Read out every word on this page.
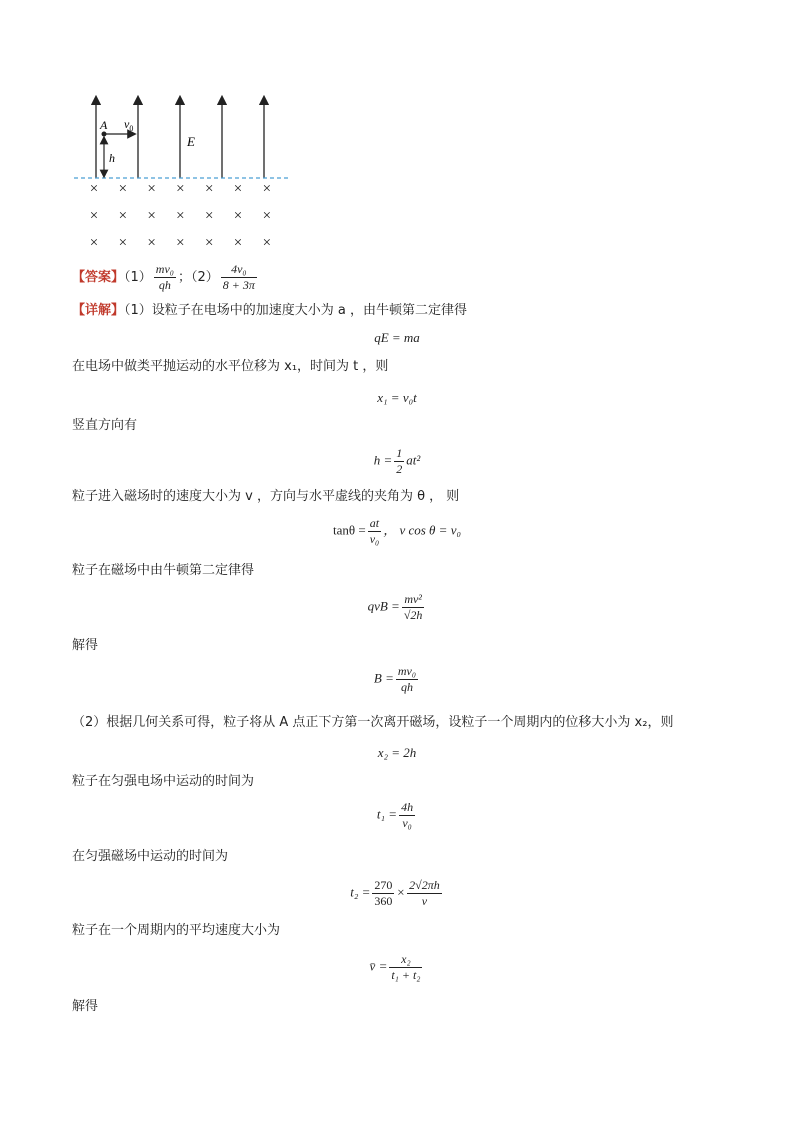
A $v_0$
h
E
× × × × × × ×
× × × × × × ×
× × × × × × ×
【答案】$(1) \frac{\text{mv₀}}{qh}$ ；$(2) \frac{\text{4v₀}}{8 + 3\pi}$
【详解】（1）设粒子在电场中的加速度大小为 a ，由牛顿第二定律得
qE = ma
在电场中做类平抛运动的水平位移为 x₁，时间为 t ，则
x₁ = v₀t
竖直方向有
$h = \frac{1}{2} at^2$
粒子进入磁场时的速度大小为 v ，方向与水平虚线的夹角为 θ ， 则
$\tan\theta = \frac{at}{\text{v₀}}$ ， v cos θ = v₀
粒子在磁场中由牛顿第二定律得
qvB = $\frac{\text{mv²}}{√2h}$
解得
$B = \frac{\text{mv₀}}{qh}$
（2）根据几何关系可得，粒子将从 A 点正下方第一次离开磁场，设粒子一个周期内的位移大小为 x₂，则
x₂ = 2h
粒子在匀强电场中运动的时间为
$t_1 = \frac{4h}{\text{v₀}}$
在匀强磁场中运动的时间为
$t_2 = \frac{270}{360} \times \frac{2√2\pi h}{v}$
粒子在一个周期内的平均速度大小为
v̄ = $\frac{\text{x₂}}{\text{t₁ + t₂}}$
解得
